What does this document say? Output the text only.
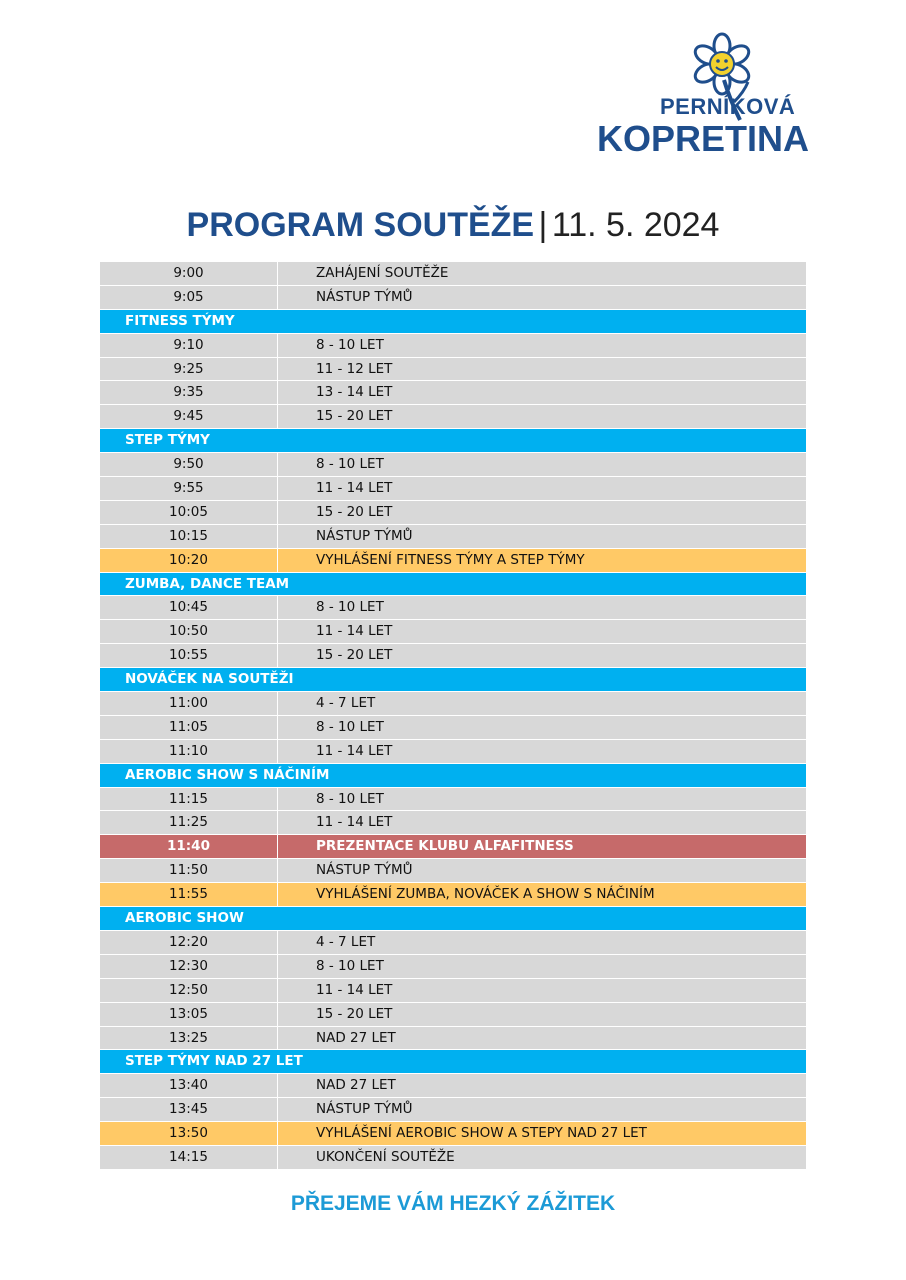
PERNÍKOVÁ
KOPRETINA
PROGRAM SOUTĚŽE | 11. 5. 2024
9:00	ZAHÁJENÍ SOUTĚŽE
9:05	NÁSTUP TÝMŮ
FITNESS TÝMY
9:10	8 - 10 LET
9:25	11 - 12 LET
9:35	13 - 14 LET
9:45	15 - 20 LET
STEP TÝMY
9:50	8 - 10 LET
9:55	11 - 14 LET
10:05	15 - 20 LET
10:15	NÁSTUP TÝMŮ
10:20	VYHLÁŠENÍ FITNESS TÝMY A STEP TÝMY
ZUMBA, DANCE TEAM
10:45	8 - 10 LET
10:50	11 - 14 LET
10:55	15 - 20 LET
NOVÁČEK NA SOUTĚŽI
11:00	4 - 7 LET
11:05	8 - 10 LET
11:10	11 - 14 LET
AEROBIC SHOW S NÁČINÍM
11:15	8 - 10 LET
11:25	11 - 14 LET
11:40	PREZENTACE KLUBU ALFAFITNESS
11:50	NÁSTUP TÝMŮ
11:55	VYHLÁŠENÍ ZUMBA, NOVÁČEK A SHOW S NÁČINÍM
AEROBIC SHOW
12:20	4 - 7 LET
12:30	8 - 10 LET
12:50	11 - 14 LET
13:05	15 - 20 LET
13:25	NAD 27 LET
STEP TÝMY NAD 27 LET
13:40	NAD 27 LET
13:45	NÁSTUP TÝMŮ
13:50	VYHLÁŠENÍ AEROBIC SHOW A STEPY NAD 27 LET
14:15	UKONČENÍ SOUTĚŽE
PŘEJEME VÁM HEZKÝ ZÁŽITEK
